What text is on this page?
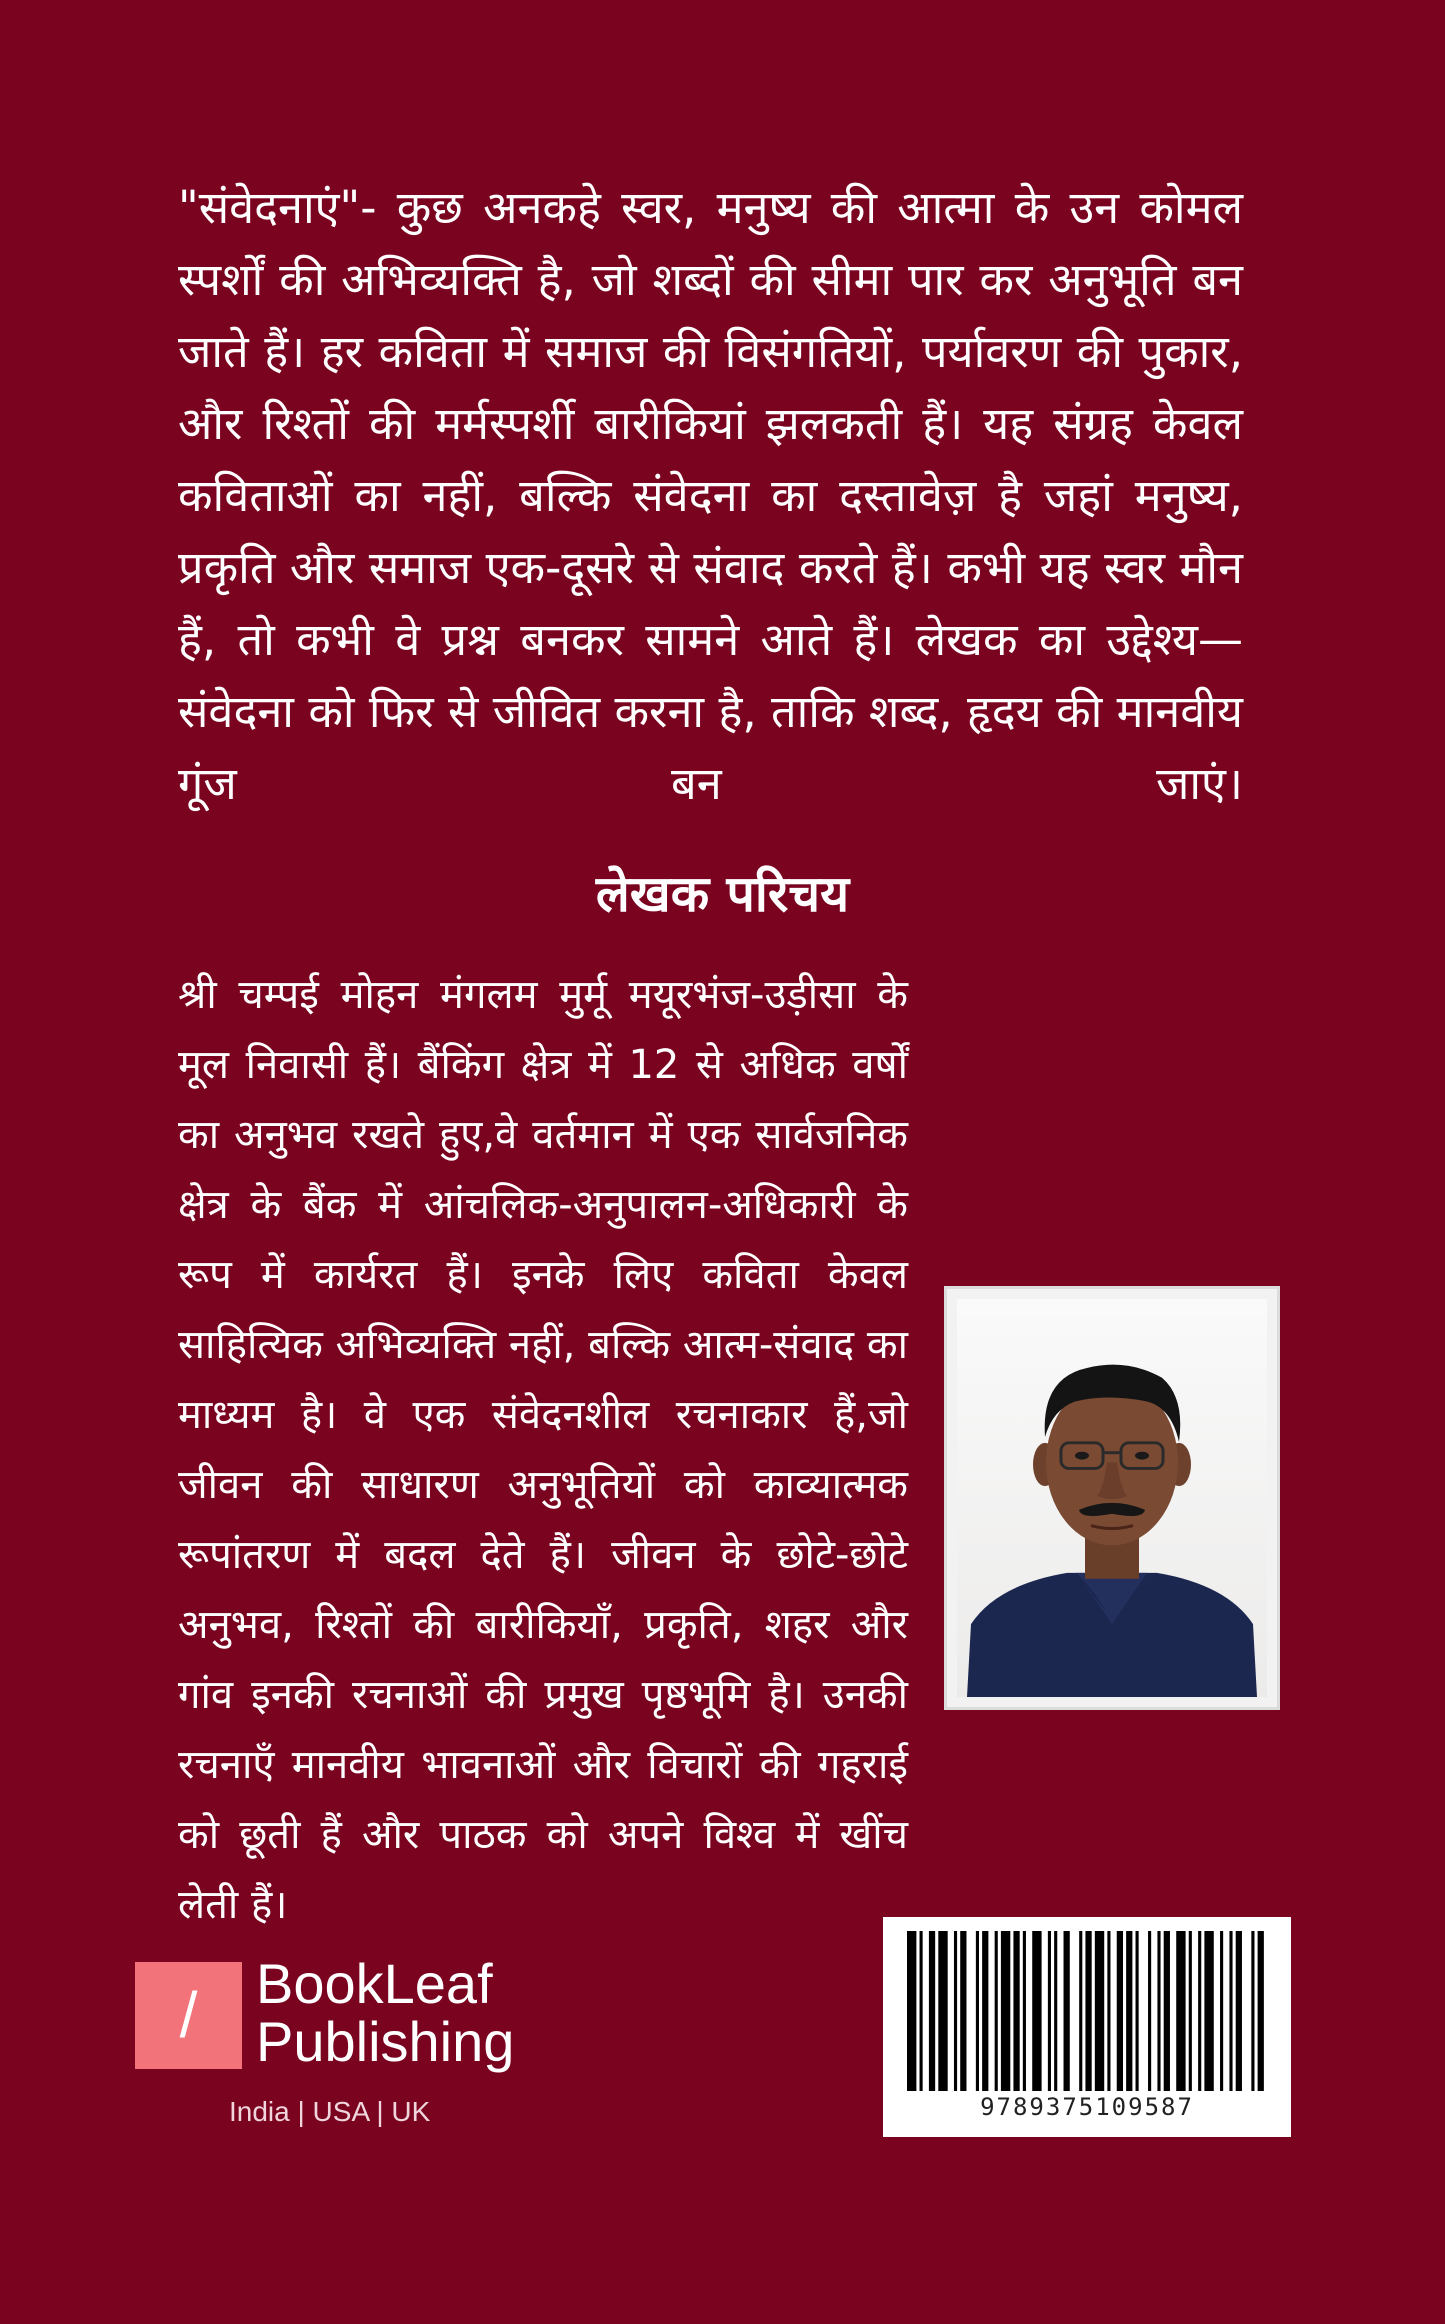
"संवेदनाएं"- कुछ अनकहे स्वर, मनुष्य की आत्मा के उन कोमल स्पर्शों की अभिव्यक्ति है, जो शब्दों की सीमा पार कर अनुभूति बन जाते हैं। हर कविता में समाज की विसंगतियों, पर्यावरण की पुकार, और रिश्तों की मर्मस्पर्शी बारीकियां झलकती हैं। यह संग्रह केवल कविताओं का नहीं, बल्कि संवेदना का दस्तावेज़ है जहां मनुष्य, प्रकृति और समाज एक-दूसरे से संवाद करते हैं। कभी यह स्वर मौन हैं, तो कभी वे प्रश्न बनकर सामने आते हैं। लेखक का उद्देश्य—संवेदना को फिर से जीवित करना है, ताकि शब्द, हृदय की मानवीय गूंज बन जाएं।

लेखक परिचय

श्री चम्पई मोहन मंगलम मुर्मू मयूरभंज-उड़ीसा के मूल निवासी हैं। बैंकिंग क्षेत्र में 12 से अधिक वर्षों का अनुभव रखते हुए,वे वर्तमान में एक सार्वजनिक क्षेत्र के बैंक में आंचलिक-अनुपालन-अधिकारी के रूप में कार्यरत हैं। इनके लिए कविता केवल साहित्यिक अभिव्यक्ति नहीं, बल्कि आत्म-संवाद का माध्यम है। वे एक संवेदनशील रचनाकार हैं,जो जीवन की साधारण अनुभूतियों को काव्यात्मक रूपांतरण में बदल देते हैं। जीवन के छोटे-छोटे अनुभव, रिश्तों की बारीकियाँ, प्रकृति, शहर और गांव इनकी रचनाओं की प्रमुख पृष्ठभूमि है। उनकी रचनाएँ मानवीय भावनाओं और विचारों की गहराई को छूती हैं और पाठक को अपने विश्व में खींच लेती हैं।

/	BookLeaf
Publishing
India | USA | UK	9789375109587
